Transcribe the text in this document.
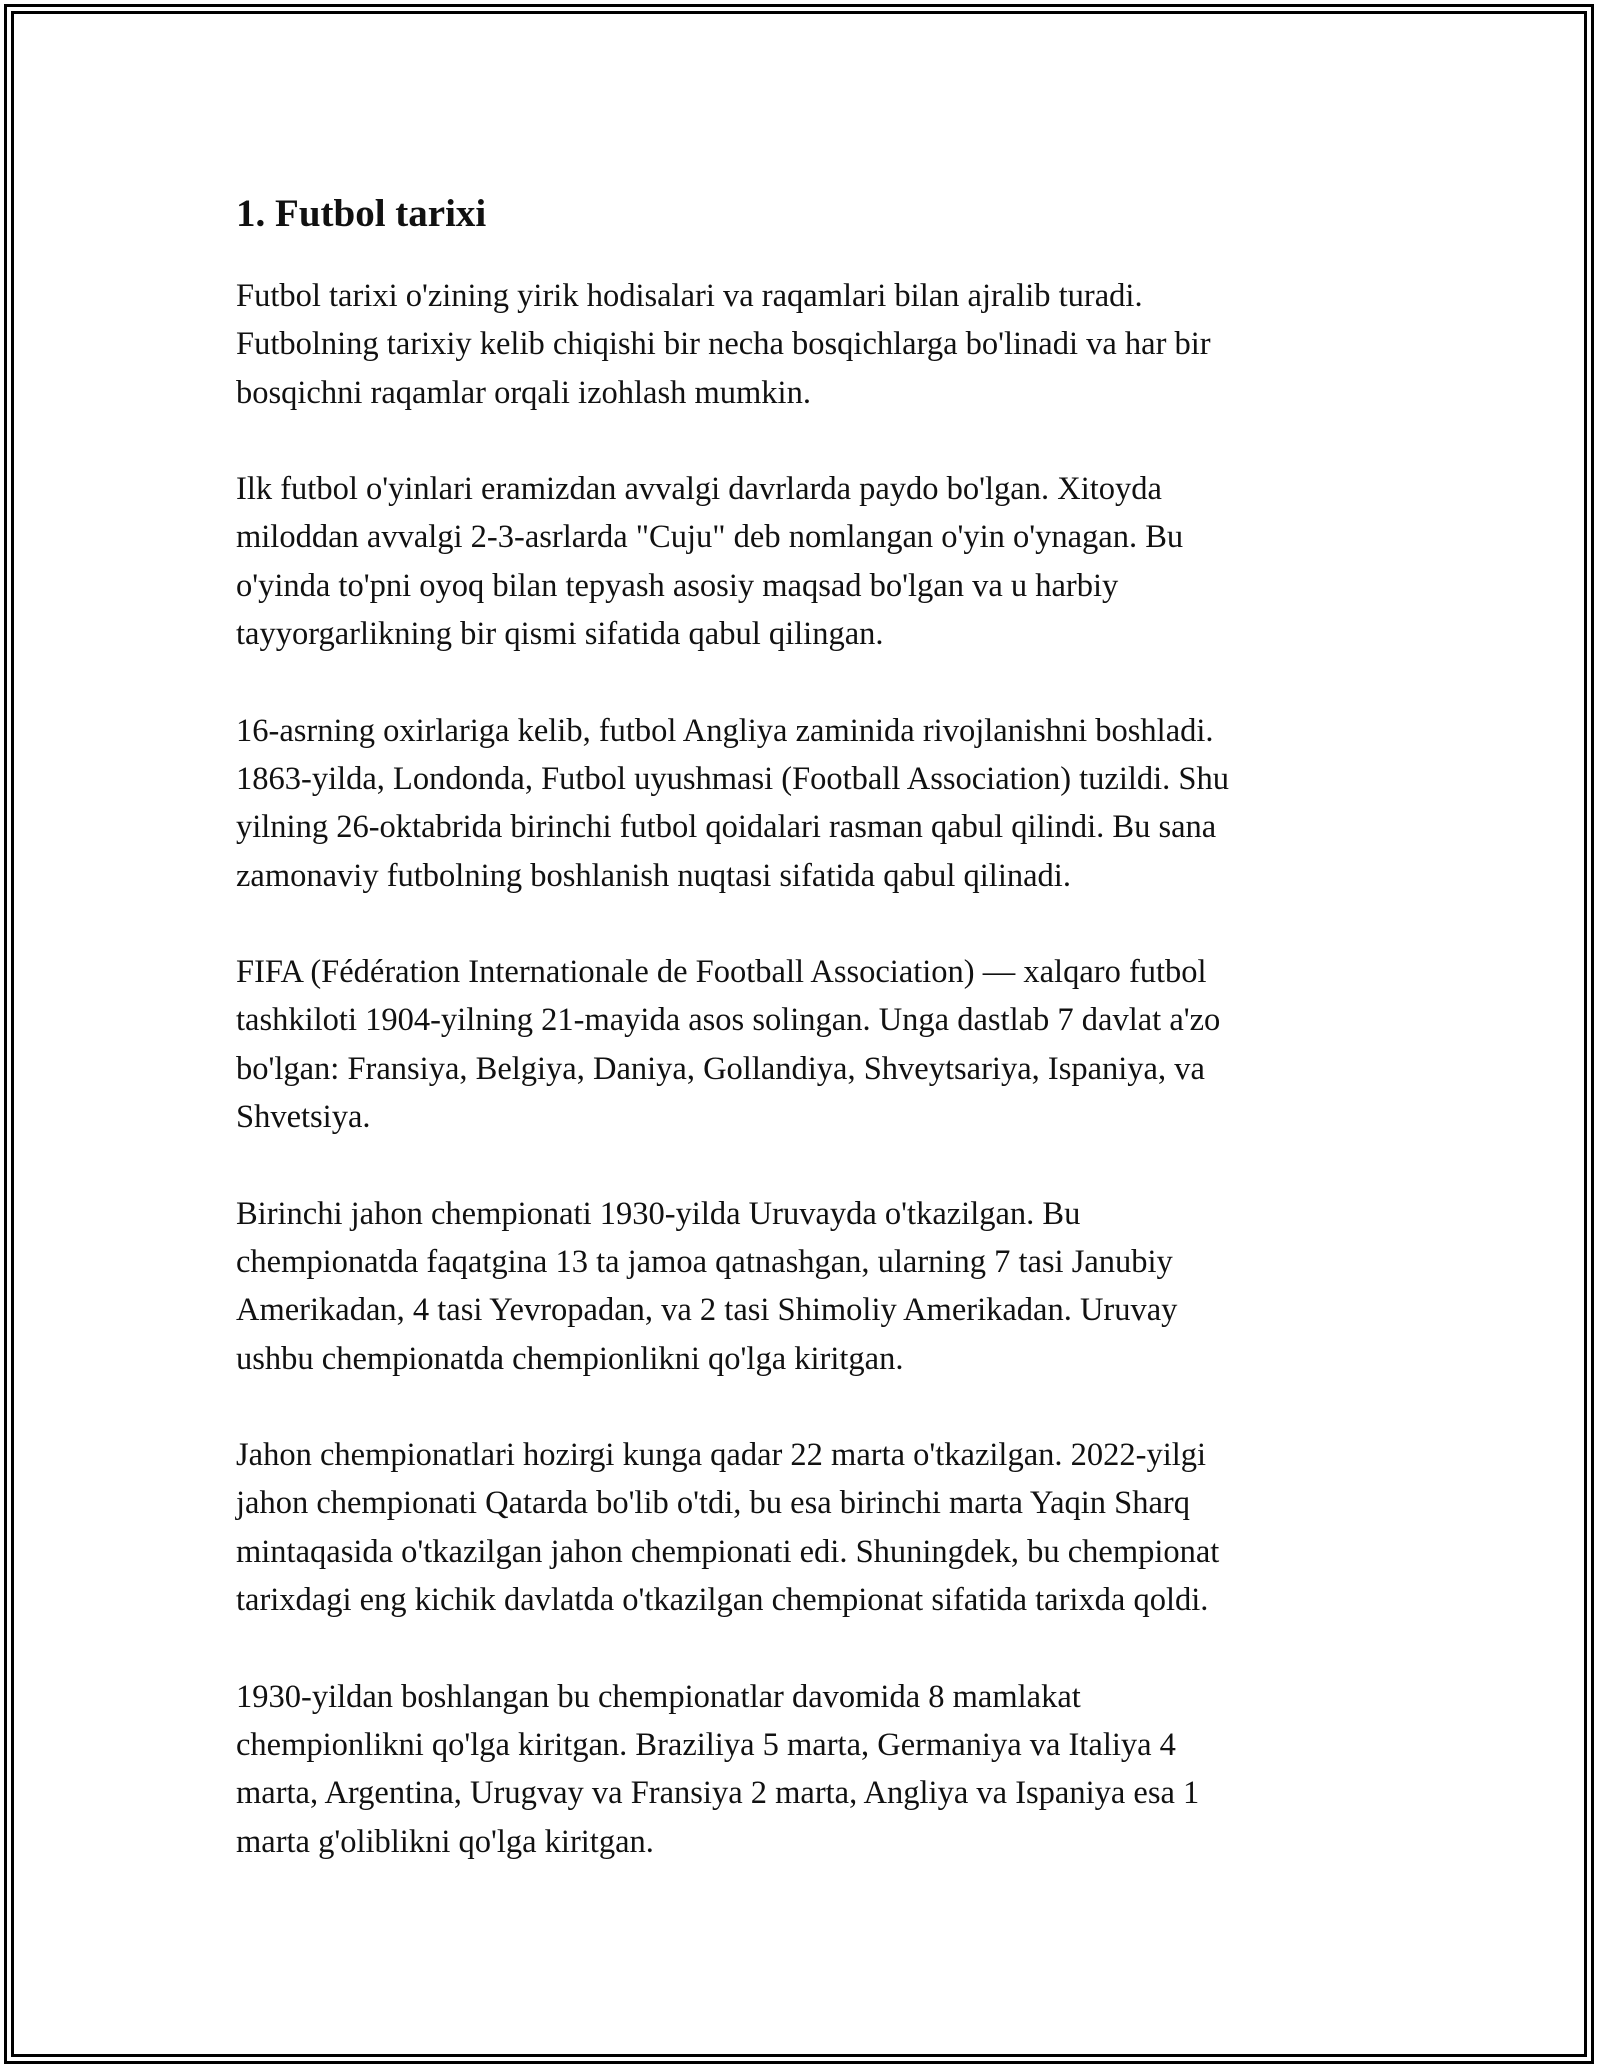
1. Futbol tarixi

Futbol tarixi o'zining yirik hodisalari va raqamlari bilan ajralib turadi.
Futbolning tarixiy kelib chiqishi bir necha bosqichlarga bo'linadi va har bir
bosqichni raqamlar orqali izohlash mumkin.

Ilk futbol o'yinlari eramizdan avvalgi davrlarda paydo bo'lgan. Xitoyda
miloddan avvalgi 2-3-asrlarda "Cuju" deb nomlangan o'yin o'ynagan. Bu
o'yinda to'pni oyoq bilan tepyash asosiy maqsad bo'lgan va u harbiy
tayyorgarlikning bir qismi sifatida qabul qilingan.

16-asrning oxirlariga kelib, futbol Angliya zaminida rivojlanishni boshladi.
1863-yilda, Londonda, Futbol uyushmasi (Football Association) tuzildi. Shu
yilning 26-oktabrida birinchi futbol qoidalari rasman qabul qilindi. Bu sana
zamonaviy futbolning boshlanish nuqtasi sifatida qabul qilinadi.

FIFA (Fédération Internationale de Football Association) — xalqaro futbol
tashkiloti 1904-yilning 21-mayida asos solingan. Unga dastlab 7 davlat a'zo
bo'lgan: Fransiya, Belgiya, Daniya, Gollandiya, Shveytsariya, Ispaniya, va
Shvetsiya.

Birinchi jahon chempionati 1930-yilda Uruvayda o'tkazilgan. Bu
chempionatda faqatgina 13 ta jamoa qatnashgan, ularning 7 tasi Janubiy
Amerikadan, 4 tasi Yevropadan, va 2 tasi Shimoliy Amerikadan. Uruvay
ushbu chempionatda chempionlikni qo'lga kiritgan.

Jahon chempionatlari hozirgi kunga qadar 22 marta o'tkazilgan. 2022-yilgi
jahon chempionati Qatarda bo'lib o'tdi, bu esa birinchi marta Yaqin Sharq
mintaqasida o'tkazilgan jahon chempionati edi. Shuningdek, bu chempionat
tarixdagi eng kichik davlatda o'tkazilgan chempionat sifatida tarixda qoldi.

1930-yildan boshlangan bu chempionatlar davomida 8 mamlakat
chempionlikni qo'lga kiritgan. Braziliya 5 marta, Germaniya va Italiya 4
marta, Argentina, Urugvay va Fransiya 2 marta, Angliya va Ispaniya esa 1
marta g'oliblikni qo'lga kiritgan.
